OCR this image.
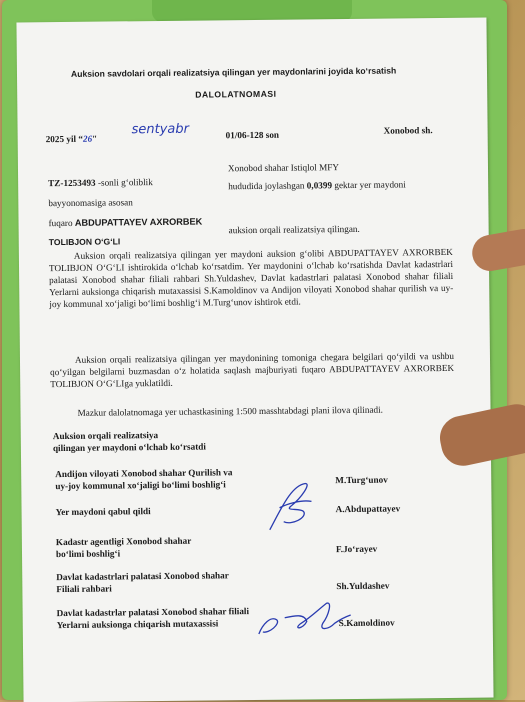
Auksion savdolari orqali realizatsiya qilingan yer maydonlarini joyida ko‘rsatish
DALOLATNOMASI
2025 yil “26"
sentyabr	01/06-128 son	Xonobod sh.
TZ-1253493 -sonli g‘oliblik
bayyonomasiga asosan
fuqaro ABDUPATTAYEV AXRORBEK
TOLIBJON O‘G‘LI
Xonobod shahar Istiqlol MFY
hududida joylashgan 0,0399 gektar yer maydoni
auksion orqali realizatsiya qilingan.
Auksion orqali realizatsiya qilingan yer maydoni auksion g‘olibi ABDUPATTAYEV AXRORBEK TOLIBJON O‘G‘LI ishtirokida o‘lchab ko‘rsatdim. Yer maydonini o‘lchab ko‘rsatishda Davlat kadastrlari palatasi Xonobod shahar filiali rahbari Sh.Yuldashev, Davlat kadastrlari palatasi Xonobod shahar filiali Yerlarni auksionga chiqarish mutaxassisi S.Kamoldinov va Andijon viloyati Xonobod shahar qurilish va uy-joy kommunal xo‘jaligi bo‘limi boshlig‘i M.Turg‘unov ishtirok etdi.
Auksion orqali realizatsiya qilingan yer maydonining tomoniga chegara belgilari qo‘yildi va ushbu qo‘yilgan belgilarni buzmasdan o‘z holatida saqlash majburiyati fuqaro ABDUPATTAYEV AXRORBEK TOLIBJON O‘G‘LIga yuklatildi.
Mazkur dalolatnomaga yer uchastkasining 1:500 masshtabdagi plani ilova qilinadi.
Auksion orqali realizatsiya
qilingan yer maydoni o‘lchab ko‘rsatdi
Andijon viloyati Xonobod shahar Qurilish va
uy-joy kommunal xo‘jaligi bo‘limi boshlig‘i	M.Turg‘unov
Yer maydoni qabul qildi	A.Abdupattayev
Kadastr agentligi Xonobod shahar
bo‘limi boshlig‘i	F.Jo‘rayev
Davlat kadastrlari palatasi Xonobod shahar
Filiali rahbari	Sh.Yuldashev
Davlat kadastrlar palatasi Xonobod shahar filiali
Yerlarni auksionga chiqarish mutaxassisi	S.Kamoldinov
